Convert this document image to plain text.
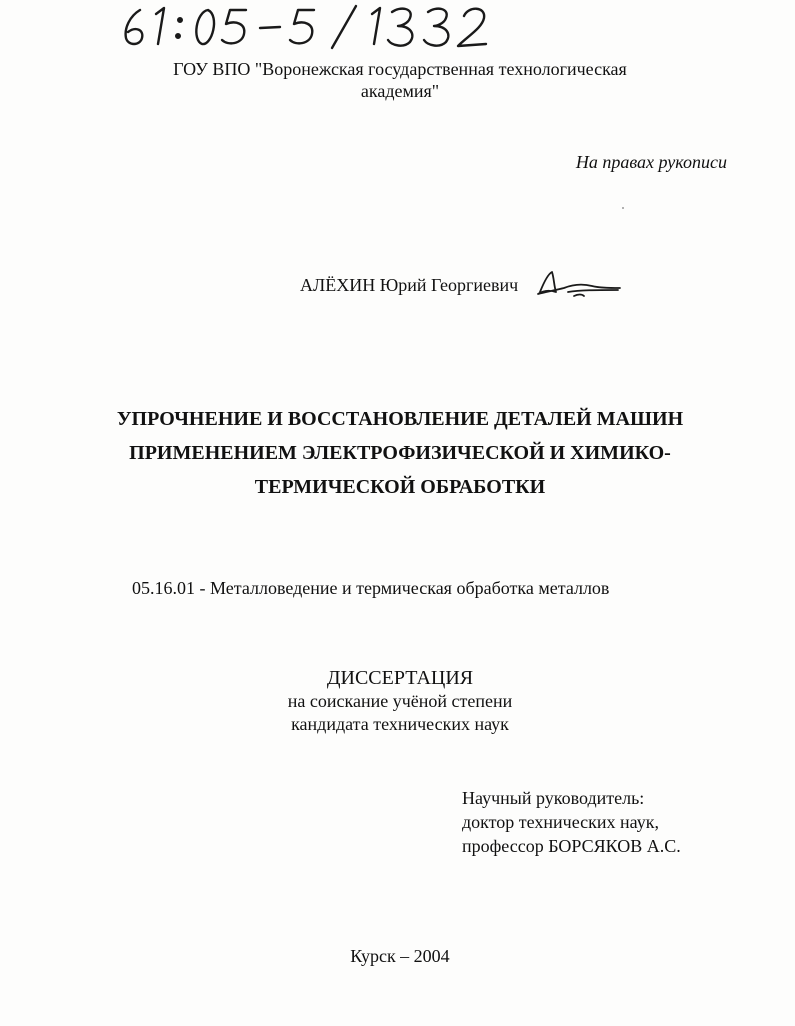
ГОУ ВПО "Воронежская государственная технологическая
академия"
На правах рукописи
АЛЁХИН Юрий Георгиевич
УПРОЧНЕНИЕ И ВОССТАНОВЛЕНИЕ ДЕТАЛЕЙ МАШИН
ПРИМЕНЕНИЕМ ЭЛЕКТРОФИЗИЧЕСКОЙ И ХИМИКО-
ТЕРМИЧЕСКОЙ ОБРАБОТКИ
05.16.01 - Металловедение и термическая обработка металлов
ДИССЕРТАЦИЯ
на соискание учёной степени
кандидата технических наук
Научный руководитель:
доктор технических наук,
профессор БОРСЯКОВ А.С.
Курск – 2004
